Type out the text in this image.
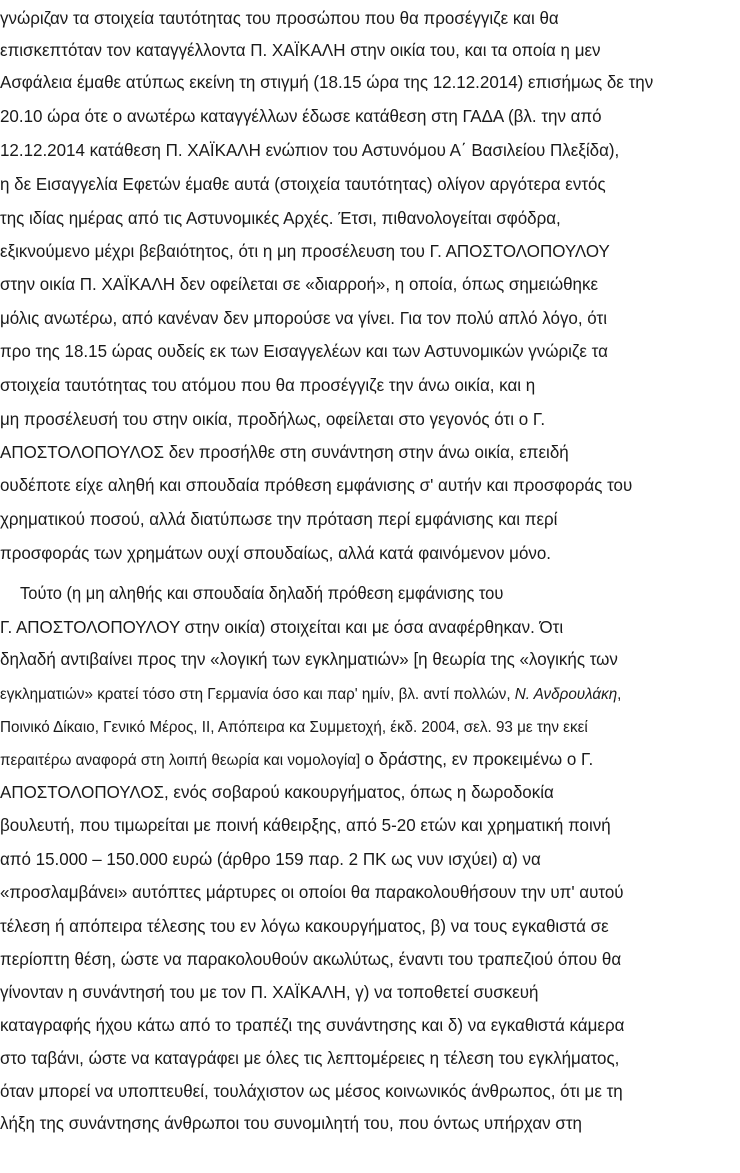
γνώριζαν τα στοιχεία ταυτότητας του προσώπου που θα προσέγγιζε και θα
επισκεπτόταν τον καταγγέλλοντα Π. ΧΑΪΚΑΛΗ στην οικία του, και τα οποία η μεν
Ασφάλεια έμαθε ατύπως εκείνη τη στιγμή (18.15 ώρα της 12.12.2014) επισήμως δε την
20.10 ώρα ότε ο ανωτέρω καταγγέλλων έδωσε κατάθεση στη ΓΑΔΑ (βλ. την από
12.12.2014 κατάθεση Π. ΧΑΪΚΑΛΗ ενώπιον του Αστυνόμου Α΄ Βασιλείου Πλεξίδα),
η δε Εισαγγελία Εφετών έμαθε αυτά (στοιχεία ταυτότητας) ολίγον αργότερα εντός
της ιδίας ημέρας από τις Αστυνομικές Αρχές. Έτσι, πιθανολογείται σφόδρα,
εξικνούμενο μέχρι βεβαιότητος, ότι η μη προσέλευση του Γ. ΑΠΟΣΤΟΛΟΠΟΥΛΟΥ
στην οικία Π. ΧΑΪΚΑΛΗ δεν οφείλεται σε «διαρροή», η οποία, όπως σημειώθηκε
μόλις ανωτέρω, από κανέναν δεν μπορούσε να γίνει. Για τον πολύ απλό λόγο, ότι
προ της 18.15 ώρας ουδείς εκ των Εισαγγελέων και των Αστυνομικών γνώριζε τα
στοιχεία ταυτότητας του ατόμου που θα προσέγγιζε την άνω οικία, και η
μη προσέλευσή του στην οικία, προδήλως, οφείλεται στο γεγονός ότι ο Γ.
ΑΠΟΣΤΟΛΟΠΟΥΛΟΣ δεν προσήλθε στη συνάντηση στην άνω οικία, επειδή
ουδέποτε είχε αληθή και σπουδαία πρόθεση εμφάνισης σ' αυτήν και προσφοράς του
χρηματικού ποσού, αλλά διατύπωσε την πρόταση περί εμφάνισης και περί
προσφοράς των χρημάτων ουχί σπουδαίως, αλλά κατά φαινόμενον μόνο.
Τούτο (η μη αληθής και σπουδαία δηλαδή πρόθεση εμφάνισης του
Γ. ΑΠΟΣΤΟΛΟΠΟΥΛΟΥ στην οικία) στοιχείται και με όσα αναφέρθηκαν. Ότι
δηλαδή αντιβαίνει προς την «λογική των εγκληματιών» [η θεωρία της «λογικής των
εγκληματιών» κρατεί τόσο στη Γερμανία όσο και παρ' ημίν, βλ. αντί πολλών, Ν. Ανδρουλάκη,
Ποινικό Δίκαιο, Γενικό Μέρος, ΙΙ, Απόπειρα κα Συμμετοχή, έκδ. 2004, σελ. 93 με την εκεί
περαιτέρω αναφορά στη λοιπή θεωρία και νομολογία] ο δράστης, εν προκειμένω ο Γ.
ΑΠΟΣΤΟΛΟΠΟΥΛΟΣ, ενός σοβαρού κακουργήματος, όπως η δωροδοκία
βουλευτή, που τιμωρείται με ποινή κάθειρξης, από 5-20 ετών και χρηματική ποινή
από 15.000 – 150.000 ευρώ (άρθρο 159 παρ. 2 ΠΚ ως νυν ισχύει) α) να
«προσλαμβάνει» αυτόπτες μάρτυρες οι οποίοι θα παρακολουθήσουν την υπ' αυτού
τέλεση ή απόπειρα τέλεσης του εν λόγω κακουργήματος, β) να τους εγκαθιστά σε
περίοπτη θέση, ώστε να παρακολουθούν ακωλύτως, έναντι του τραπεζιού όπου θα
γίνονταν η συνάντησή του με τον Π. ΧΑΪΚΑΛΗ, γ) να τοποθετεί συσκευή
καταγραφής ήχου κάτω από το τραπέζι της συνάντησης και δ) να εγκαθιστά κάμερα
στο ταβάνι, ώστε να καταγράφει με όλες τις λεπτομέρειες η τέλεση του εγκλήματος,
όταν μπορεί να υποπτευθεί, τουλάχιστον ως μέσος κοινωνικός άνθρωπος, ότι με τη
λήξη της συνάντησης άνθρωποι του συνομιλητή του, που όντως υπήρχαν στη
